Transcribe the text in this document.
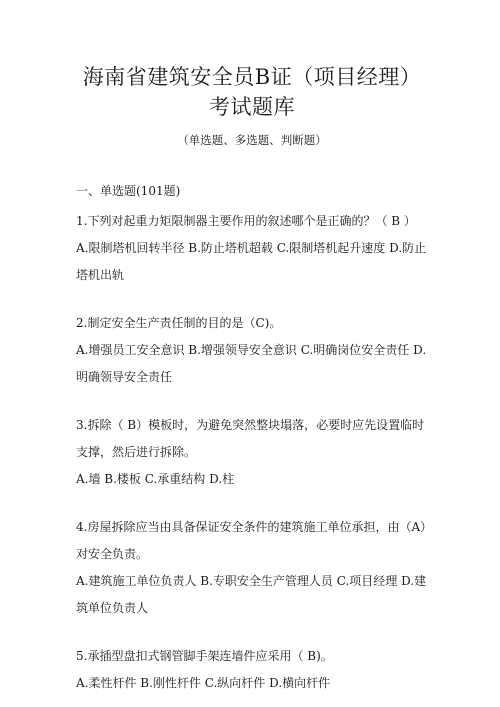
海南省建筑安全员B证（项目经理）考试题库

（单选题、多选题、判断题）

一、单选题(101题)

1.下列对起重力矩限制器主要作用的叙述哪个是正确的？（ B ）

A.限制塔机回转半径 B.防止塔机超载 C.限制塔机起升速度 D.防止塔机出轨

2.制定安全生产责任制的目的是（C)。

A.增强员工安全意识 B.增强领导安全意识 C.明确岗位安全责任 D.明确领导安全责任

3.拆除（ B）模板时，为避免突然整块塌落，必要时应先设置临时支撑，然后进行拆除。

A.墙 B.楼板 C.承重结构 D.柱

4.房屋拆除应当由具备保证安全条件的建筑施工单位承担，由（A）对安全负责。

A.建筑施工单位负责人 B.专职安全生产管理人员 C.项目经理 D.建筑单位负责人

5.承插型盘扣式钢管脚手架连墙件应采用（ B)。

A.柔性杆件 B.刚性杆件 C.纵向杆件 D.横向杆件
